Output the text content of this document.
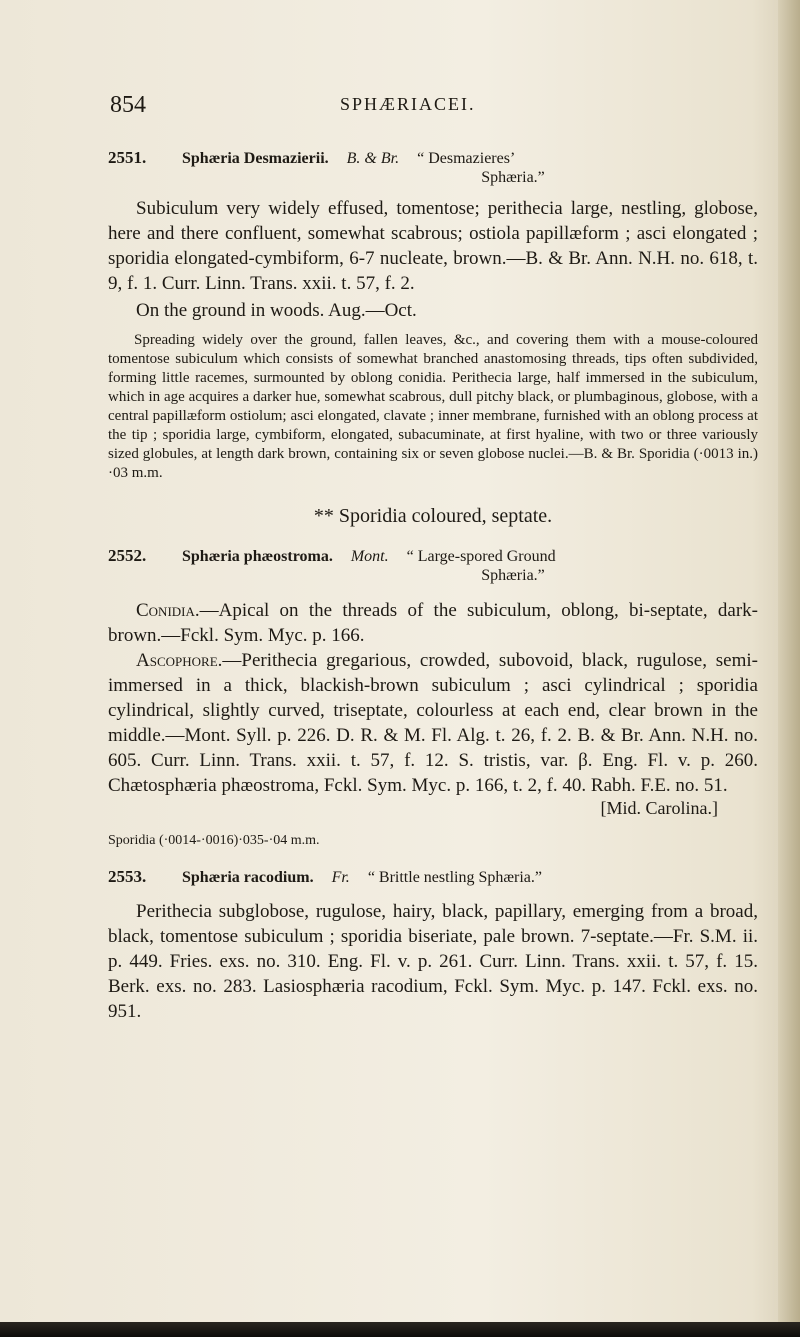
854	SPHÆRIACEI.
2551. Sphæria Desmazierii. B. & Br. “ Desmazieres’
Sphæria.”

Subiculum very widely effused, tomentose; perithecia large, nestling, globose, here and there confluent, somewhat scabrous; ostiola papillæform ; asci elongated ; sporidia elongated-cymbiform, 6-7 nucleate, brown.—B. & Br. Ann. N.H. no. 618, t. 9, f. 1. Curr. Linn. Trans. xxii. t. 57, f. 2.

On the ground in woods. Aug.—Oct.

Spreading widely over the ground, fallen leaves, &c., and covering them with a mouse-coloured tomentose subiculum which consists of somewhat branched anastomosing threads, tips often subdivided, forming little racemes, surmounted by oblong conidia. Perithecia large, half immersed in the subiculum, which in age acquires a darker hue, somewhat scabrous, dull pitchy black, or plumbaginous, globose, with a central papillæform ostiolum; asci elongated, clavate ; inner membrane, furnished with an oblong process at the tip ; sporidia large, cymbiform, elongated, subacuminate, at first hyaline, with two or three variously sized globules, at length dark brown, containing six or seven globose nuclei.—B. & Br. Sporidia (·0013 in.) ·03 m.m.

** Sporidia coloured, septate.
2552. Sphæria phæostroma. Mont. “ Large-spored Ground
Sphæria.”

Conidia.—Apical on the threads of the subiculum, oblong, bi-septate, dark-brown.—Fckl. Sym. Myc. p. 166.

Ascophore.—Perithecia gregarious, crowded, subovoid, black, rugulose, semi-immersed in a thick, blackish-brown subiculum ; asci cylindrical ; sporidia cylindrical, slightly curved, triseptate, colourless at each end, clear brown in the middle.—Mont. Syll. p. 226. D. R. & M. Fl. Alg. t. 26, f. 2. B. & Br. Ann. N.H. no. 605. Curr. Linn. Trans. xxii. t. 57, f. 12. S. tristis, var. β. Eng. Fl. v. p. 260. Chætosphæria phæostroma, Fckl. Sym. Myc. p. 166, t. 2, f. 40. Rabh. F.E. no. 51.

[Mid. Carolina.]

Sporidia (·0014-·0016)·035-·04 m.m.

2553. Sphæria racodium. Fr. “ Brittle nestling Sphæria.”

Perithecia subglobose, rugulose, hairy, black, papillary, emerging from a broad, black, tomentose subiculum ; sporidia biseriate, pale brown. 7-septate.—Fr. S.M. ii. p. 449. Fries. exs. no. 310. Eng. Fl. v. p. 261. Curr. Linn. Trans. xxii. t. 57, f. 15. Berk. exs. no. 283. Lasiosphæria racodium, Fckl. Sym. Myc. p. 147. Fckl. exs. no. 951.
